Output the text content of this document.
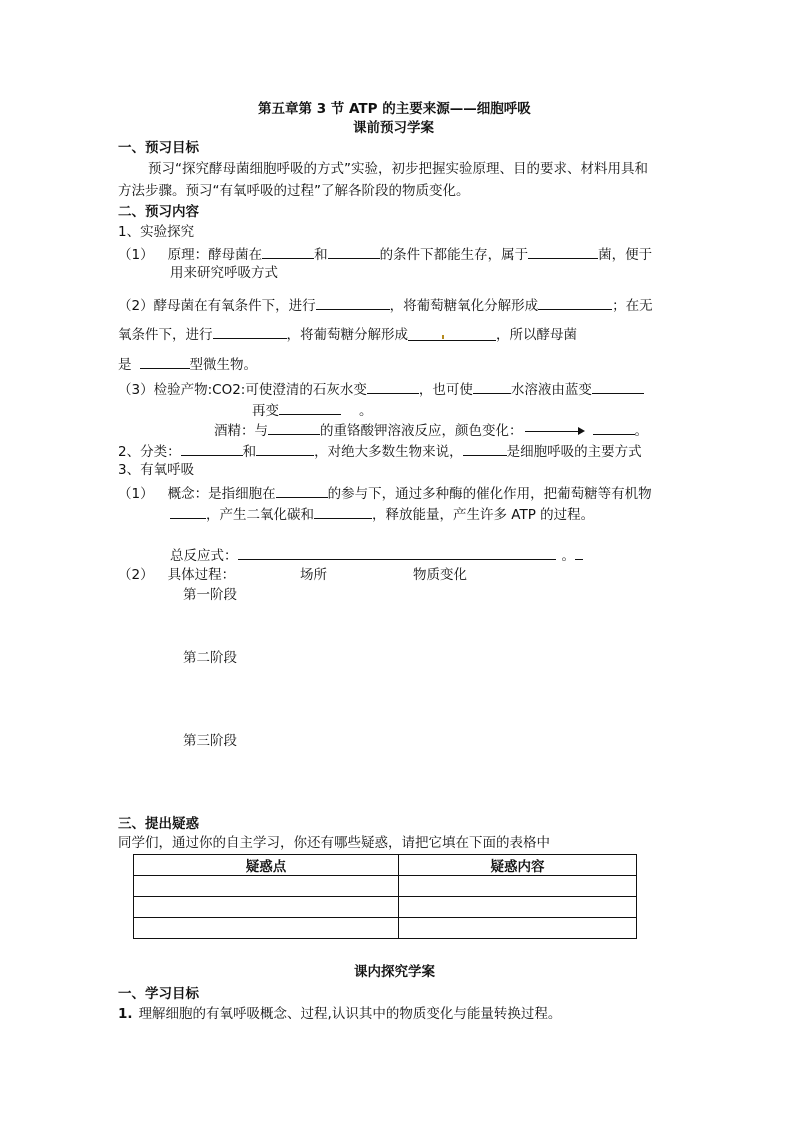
第五章第 3 节 ATP 的主要来源——细胞呼吸
课前预习学案
一、预习目标
预习“探究酵母菌细胞呼吸的方式”实验，初步把握实验原理、目的要求、材料用具和
方法步骤。预习“有氧呼吸的过程”了解各阶段的物质变化。
二、预习内容
1、实验探究
（1） 原理：酵母菌在	和	的条件下都能生存，属于	菌，便于
用来研究呼吸方式
（2）酵母菌在有氧条件下，进行	，将葡萄糖氧化分解形成	；在无
氧条件下，进行	，将葡萄糖分解形成	，所以酵母菌
是	型微生物。
（3）检验产物:CO2:可使澄清的石灰水变	，也可使	水溶液由蓝变
再变	。
酒精：与	的重铬酸钾溶液反应，颜色变化：	。
2、分类：	和	，对绝大多数生物来说，	是细胞呼吸的主要方式
3、有氧呼吸
（1） 概念：是指细胞在	的参与下，通过多种酶的催化作用，把葡萄糖等有机物
，产生二氧化碳和	，释放能量，产生许多 ATP 的过程。
总反应式：	。
（2） 具体过程：	场所	物质变化
第一阶段
第二阶段
第三阶段
三、提出疑惑
同学们，通过你的自主学习，你还有哪些疑惑，请把它填在下面的表格中
疑惑点	疑惑内容

课内探究学案
一、学习目标
1. 理解细胞的有氧呼吸概念、过程,认识其中的物质变化与能量转换过程。
